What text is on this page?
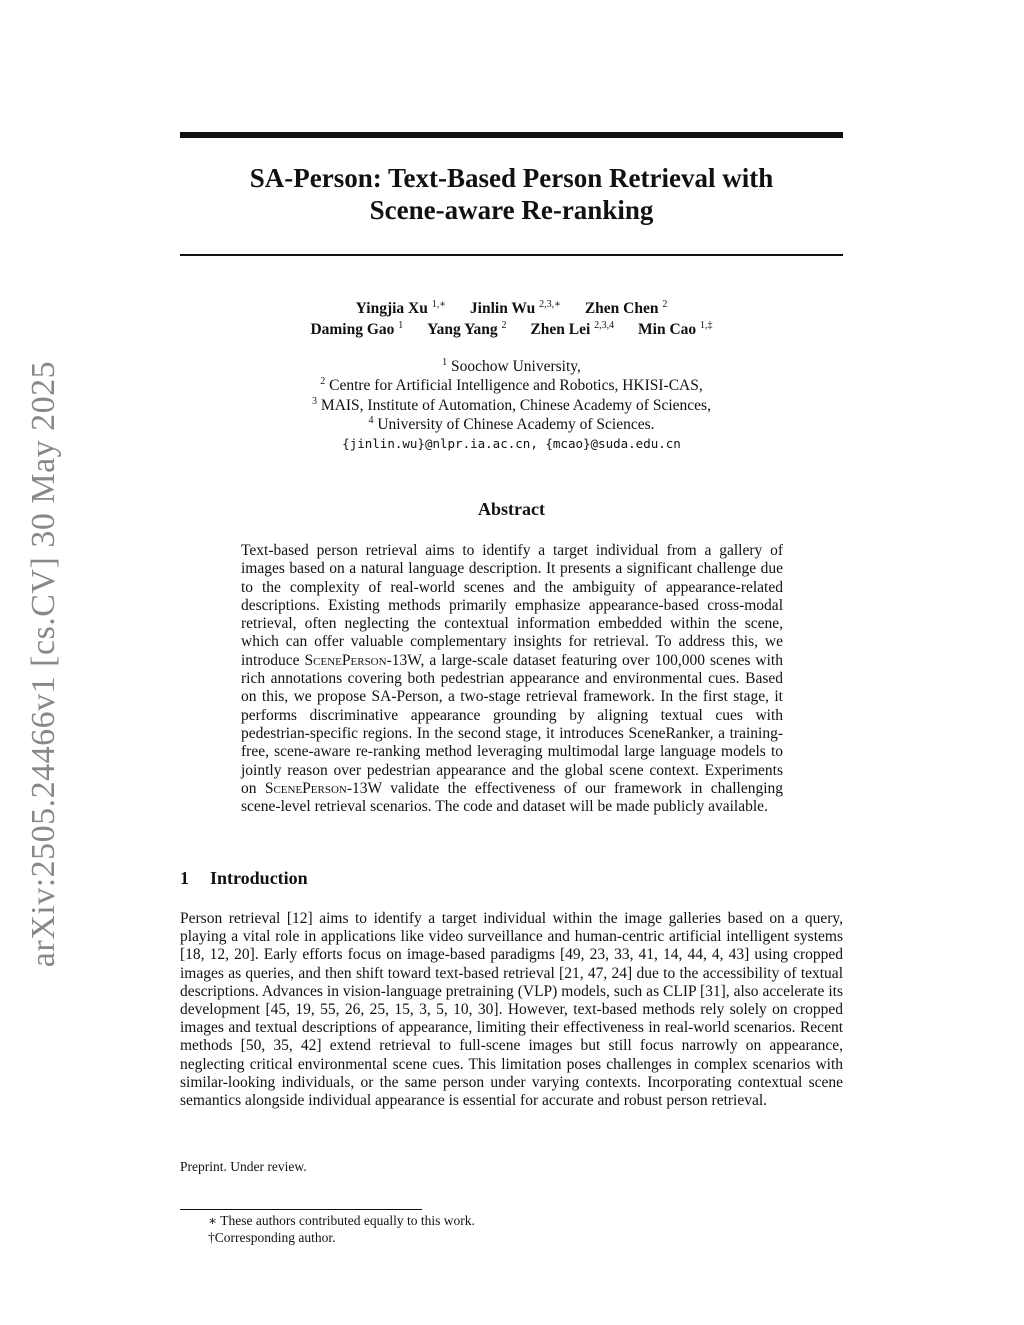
arXiv:2505.24466v1 [cs.CV] 30 May 2025
SA-Person: Text-Based Person Retrieval with
Scene-aware Re-ranking
Yingjia Xu $^{1,∗}$ Jinlin Wu $^{2,3,∗}$ Zhen Chen $^2$
Daming Gao $^1$ Yang Yang $^2$ Zhen Lei $^{2,3,4}$ Min Cao $^{1,\ddagger}$
$^1$ Soochow University,
$^2$ Centre for Artificial Intelligence and Robotics, HKISI-CAS,
$^3$ MAIS, Institute of Automation, Chinese Academy of Sciences,
$^4$ University of Chinese Academy of Sciences.
{jinlin.wu}@nlpr.ia.ac.cn, {mcao}@suda.edu.cn
Abstract
Text-based person retrieval aims to identify a target individual from a gallery of images based on a natural language description. It presents a significant challenge due to the complexity of real-world scenes and the ambiguity of appearance-related descriptions. Existing methods primarily emphasize appearance-based cross-modal retrieval, often neglecting the contextual information embedded within the scene, which can offer valuable complementary insights for retrieval. To address this, we introduce ScenePerson-13W, a large-scale dataset featuring over 100,000 scenes with rich annotations covering both pedestrian appearance and environmental cues. Based on this, we propose SA-Person, a two-stage retrieval framework. In the first stage, it performs discriminative appearance grounding by aligning textual cues with pedestrian-specific regions. In the second stage, it introduces SceneRanker, a training-free, scene-aware re-ranking method leveraging multimodal large language models to jointly reason over pedestrian appearance and the global scene context. Experiments on ScenePerson-13W validate the effectiveness of our framework in challenging scene-level retrieval scenarios. The code and dataset will be made publicly available.
1 Introduction
Person retrieval [12] aims to identify a target individual within the image galleries based on a query, playing a vital role in applications like video surveillance and human-centric artificial intelligent systems [18, 12, 20]. Early efforts focus on image-based paradigms [49, 23, 33, 41, 14, 44, 4, 43] using cropped images as queries, and then shift toward text-based retrieval [21, 47, 24] due to the accessibility of textual descriptions. Advances in vision-language pretraining (VLP) models, such as CLIP [31], also accelerate its development [45, 19, 55, 26, 25, 15, 3, 5, 10, 30]. However, text-based methods rely solely on cropped images and textual descriptions of appearance, limiting their effectiveness in real-world scenarios. Recent methods [50, 35, 42] extend retrieval to full-scene images but still focus narrowly on appearance, neglecting critical environmental scene cues. This limitation poses challenges in complex scenarios with similar-looking individuals, or the same person under varying contexts. Incorporating contextual scene semantics alongside individual appearance is essential for accurate and robust person retrieval.
Preprint. Under review.
∗ These authors contributed equally to this work.
†Corresponding author.
